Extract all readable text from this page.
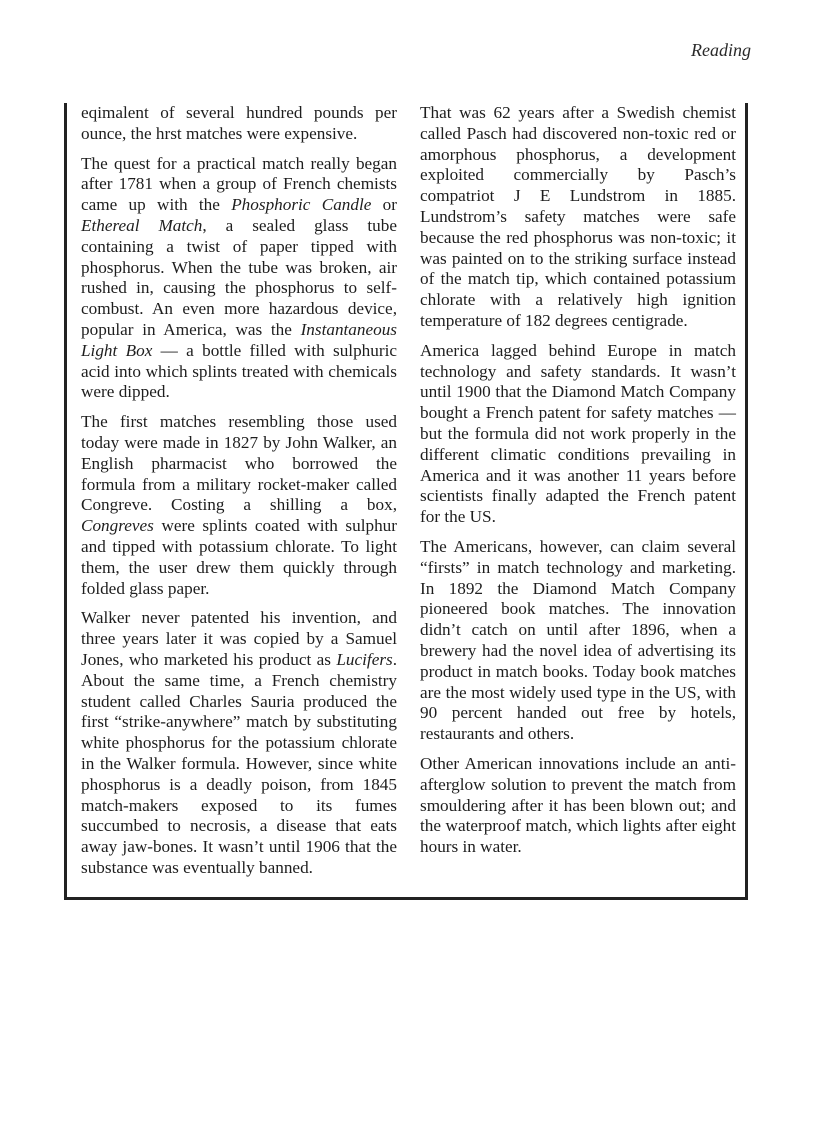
Reading

eqimalent of several hundred pounds per ounce, the hrst matches were expensive.

The quest for a practical match really began after 1781 when a group of French chemists came up with the Phosphoric Candle or Ethereal Match, a sealed glass tube containing a twist of paper tipped with phosphorus. When the tube was broken, air rushed in, causing the phosphorus to self-combust. An even more hazardous device, popular in America, was the Instantaneous Light Box — a bottle filled with sulphuric acid into which splints treated with chemicals were dipped.

The first matches resembling those used today were made in 1827 by John Walker, an English pharmacist who borrowed the formula from a military rocket-maker called Congreve. Costing a shilling a box, Congreves were splints coated with sulphur and tipped with potassium chlorate. To light them, the user drew them quickly through folded glass paper.

Walker never patented his invention, and three years later it was copied by a Samuel Jones, who marketed his product as Lucifers. About the same time, a French chemistry student called Charles Sauria produced the first “strike-anywhere” match by substituting white phosphorus for the potassium chlorate in the Walker formula. However, since white phosphorus is a deadly poison, from 1845 match-makers exposed to its fumes succumbed to necrosis, a disease that eats away jaw-bones. It wasn’t until 1906 that the substance was eventually banned.

That was 62 years after a Swedish chemist called Pasch had discovered non-toxic red or amorphous phosphorus, a development exploited commercially by Pasch’s compatriot J E Lundstrom in 1885. Lundstrom’s safety matches were safe because the red phosphorus was non-toxic; it was painted on to the striking surface instead of the match tip, which contained potassium chlorate with a relatively high ignition temperature of 182 degrees centigrade.

America lagged behind Europe in match technology and safety standards. It wasn’t until 1900 that the Diamond Match Company bought a French patent for safety matches — but the formula did not work properly in the different climatic conditions prevailing in America and it was another 11 years before scientists finally adapted the French patent for the US.

The Americans, however, can claim several “firsts” in match technology and marketing. In 1892 the Diamond Match Company pioneered book matches. The innovation didn’t catch on until after 1896, when a brewery had the novel idea of advertising its product in match books. Today book matches are the most widely used type in the US, with 90 percent handed out free by hotels, restaurants and others.

Other American innovations include an anti-afterglow solution to prevent the match from smouldering after it has been blown out; and the waterproof match, which lights after eight hours in water.
